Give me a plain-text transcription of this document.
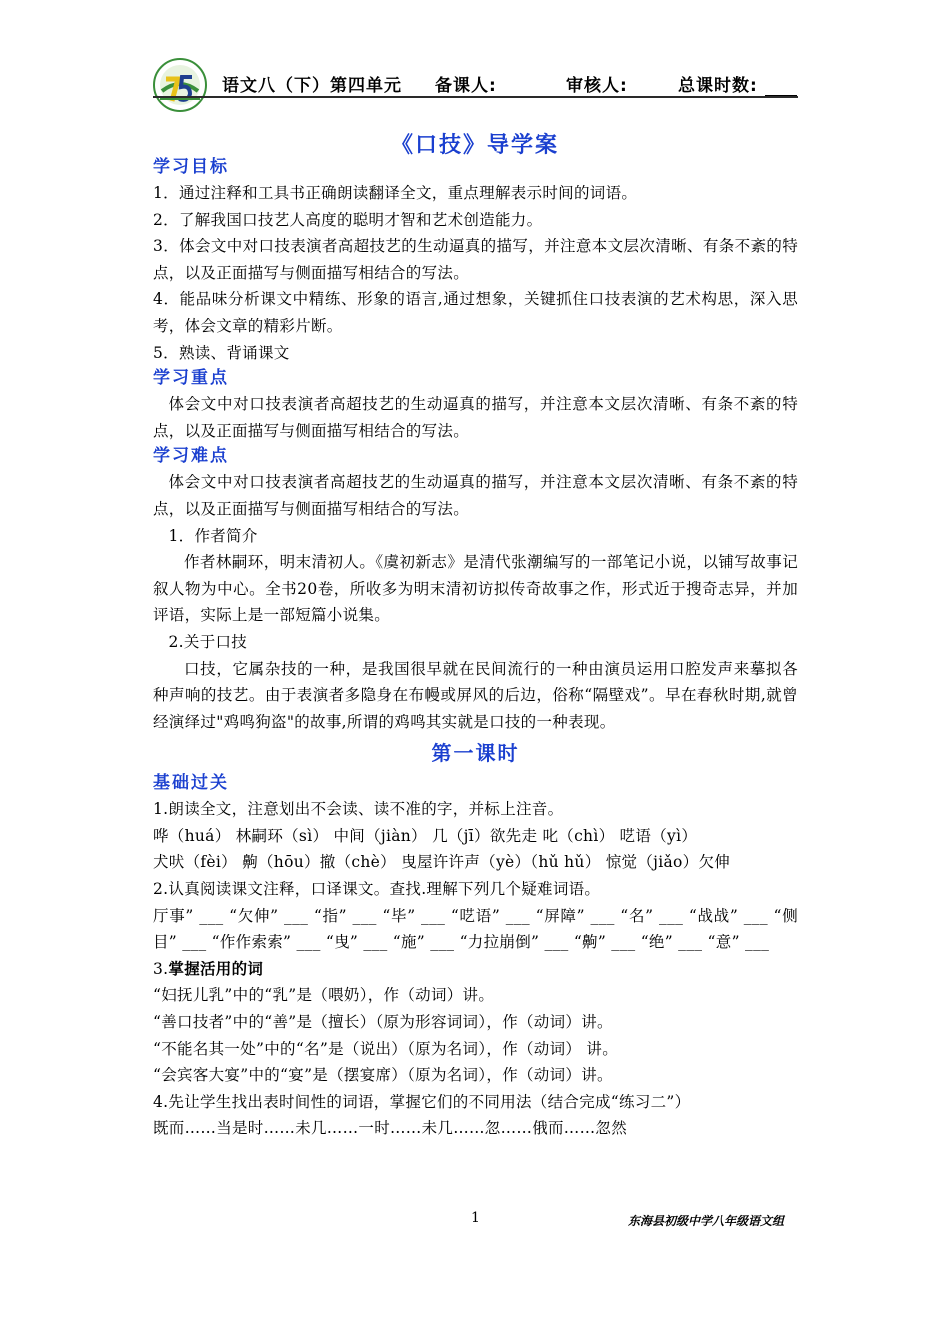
语文八（下）第四单元 备课人:	审核人:	总课时数:
《口技》导学案
学习目标
1．通过注释和工具书正确朗读翻译全文，重点理解表示时间的词语。
2．了解我国口技艺人高度的聪明才智和艺术创造能力。
3．体会文中对口技表演者高超技艺的生动逼真的描写，并注意本文层次清晰、有条不紊的特点，以及正面描写与侧面描写相结合的写法。
4．能品味分析课文中精练、形象的语言,通过想象，关键抓住口技表演的艺术构思，深入思考，体会文章的精彩片断。
5．熟读、背诵课文
学习重点
体会文中对口技表演者高超技艺的生动逼真的描写，并注意本文层次清晰、有条不紊的特点，以及正面描写与侧面描写相结合的写法。
学习难点
体会文中对口技表演者高超技艺的生动逼真的描写，并注意本文层次清晰、有条不紊的特点，以及正面描写与侧面描写相结合的写法。
1．作者简介
作者林嗣环，明末清初人。《虞初新志》是清代张潮编写的一部笔记小说，以铺写故事记叙人物为中心。全书20卷，所收多为明末清初访拟传奇故事之作，形式近于搜奇志异，并加评语，实际上是一部短篇小说集。
2.关于口技
口技，它属杂技的一种，是我国很早就在民间流行的一种由演员运用口腔发声来摹拟各种声响的技艺。由于表演者多隐身在布幔或屏风的后边，俗称“隔壁戏”。早在春秋时期,就曾经演绎过"鸡鸣狗盗"的故事,所谓的鸡鸣其实就是口技的一种表现。
第一课时
基础过关
1.朗读全文，注意划出不会读、读不准的字，并标上注音。
哗（huá） 林嗣环（sì） 中间（jiàn） 几（jī）欲先走 叱（chì） 呓语（yì）
犬吠（fèi） 齁（hōu）撤（chè） 曳屋许许声（yè）（hǔ hǔ） 惊觉（jiǎo）欠伸
2.认真阅读课文注释，口译课文。查找.理解下列几个疑难词语。
厅事” ___ “欠伸” ___ “指” ___ “毕” ___ “呓语” ___ “屏障” ___ “名” ___ “战战” ___ “侧目” ___ “作作索索” ___ “曳” ___ “施” ___ “力拉崩倒” ___ “齁” ___ “绝” ___ “意” ___
3.掌握活用的词
“妇抚儿乳”中的“乳”是（喂奶），作（动词）讲。
“善口技者”中的“善”是（擅长）（原为形容词词），作（动词）讲。
“不能名其一处”中的“名”是（说出）（原为名词），作（动词） 讲。
“会宾客大宴”中的“宴”是（摆宴席）（原为名词），作（动词）讲。
4.先让学生找出表时间性的词语，掌握它们的不同用法（结合完成“练习二”）
既而……当是时……未几……一时……未几……忽……俄而……忽然
1	东海县初级中学八年级语文组
